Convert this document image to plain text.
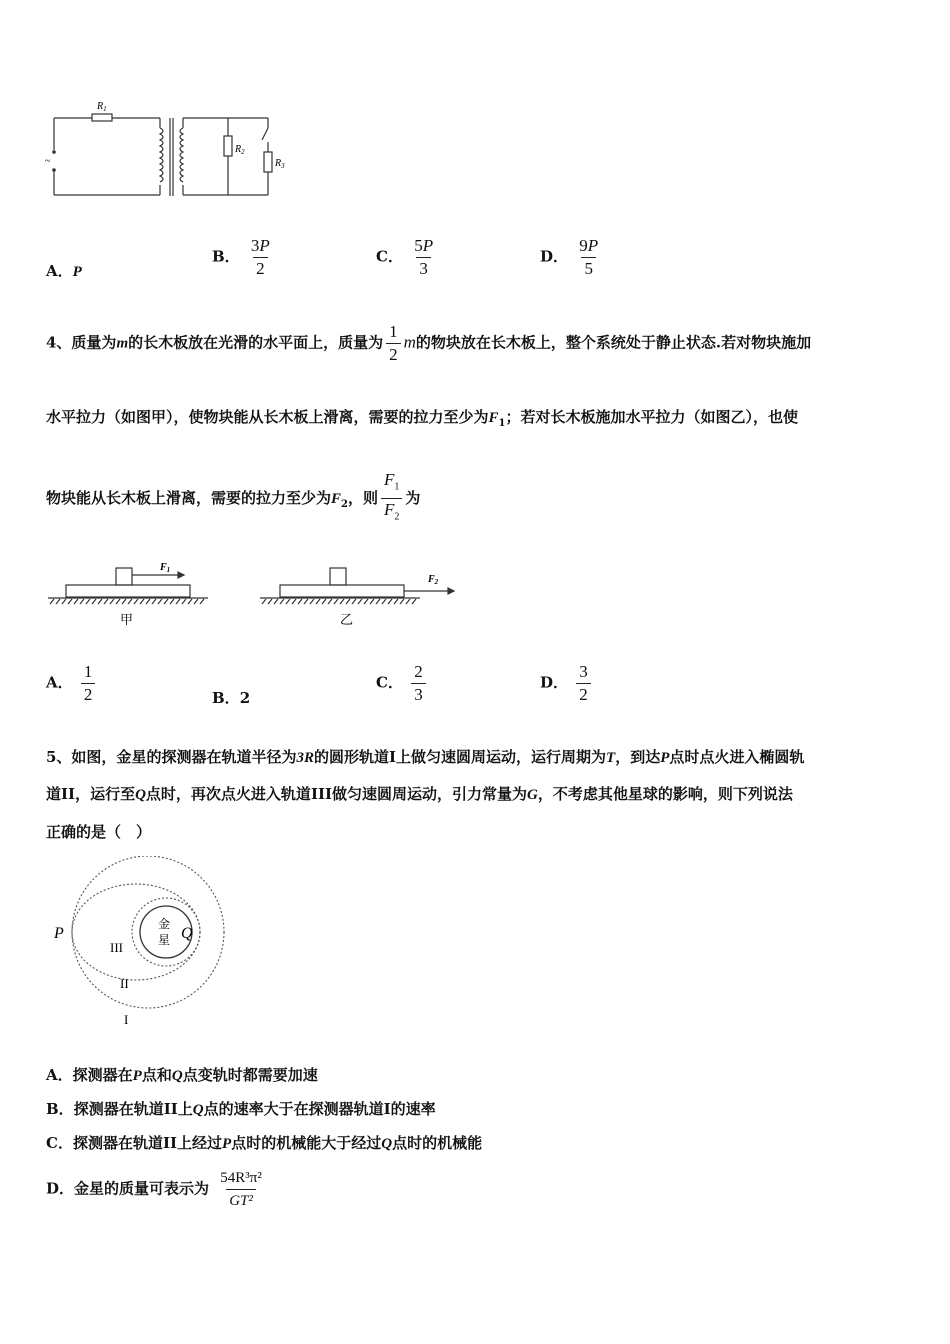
~
$R_1$
$R_2$
$R_3$
A．P
B． $\frac{3P}{2}$	C． $\frac{5P}{3}$	D． $\frac{9P}{5}$
4、质量为m的长木板放在光滑的水平面上，质量为 $\frac{1}{2}$ m的物块放在长木板上，整个系统处于静止状态.若对物块施加
水平拉力（如图甲），使物块能从长木板上滑离，需要的拉力至少为$F_1$；若对长木板施加水平拉力（如图乙），也使
物块能从长木板上滑离，需要的拉力至少为$F_2$，则 $\frac{F_1}{F_2}$ 为
$F_1$
$F_2$
甲	乙
A． $\frac{1}{2}$	B．2
C． $\frac{2}{3}$	D． $\frac{3}{2}$
5、如图，金星的探测器在轨道半径为3R的圆形轨道I上做匀速圆周运动，运行周期为T，到达P点时点火进入椭圆轨
道II，运行至Q点时，再次点火进入轨道III做匀速圆周运动，引力常量为G，不考虑其他星球的影响，则下列说法
正确的是（　）
P	Q
金
星
III
II
I
A．探测器在P点和Q点变轨时都需要加速
B．探测器在轨道II上Q点的速率大于在探测器轨道I的速率
C．探测器在轨道II上经过P点时的机械能大于经过Q点时的机械能
D．金星的质量可表示为 $\frac{\text{54R³π²}}{\text{GT²}}$
